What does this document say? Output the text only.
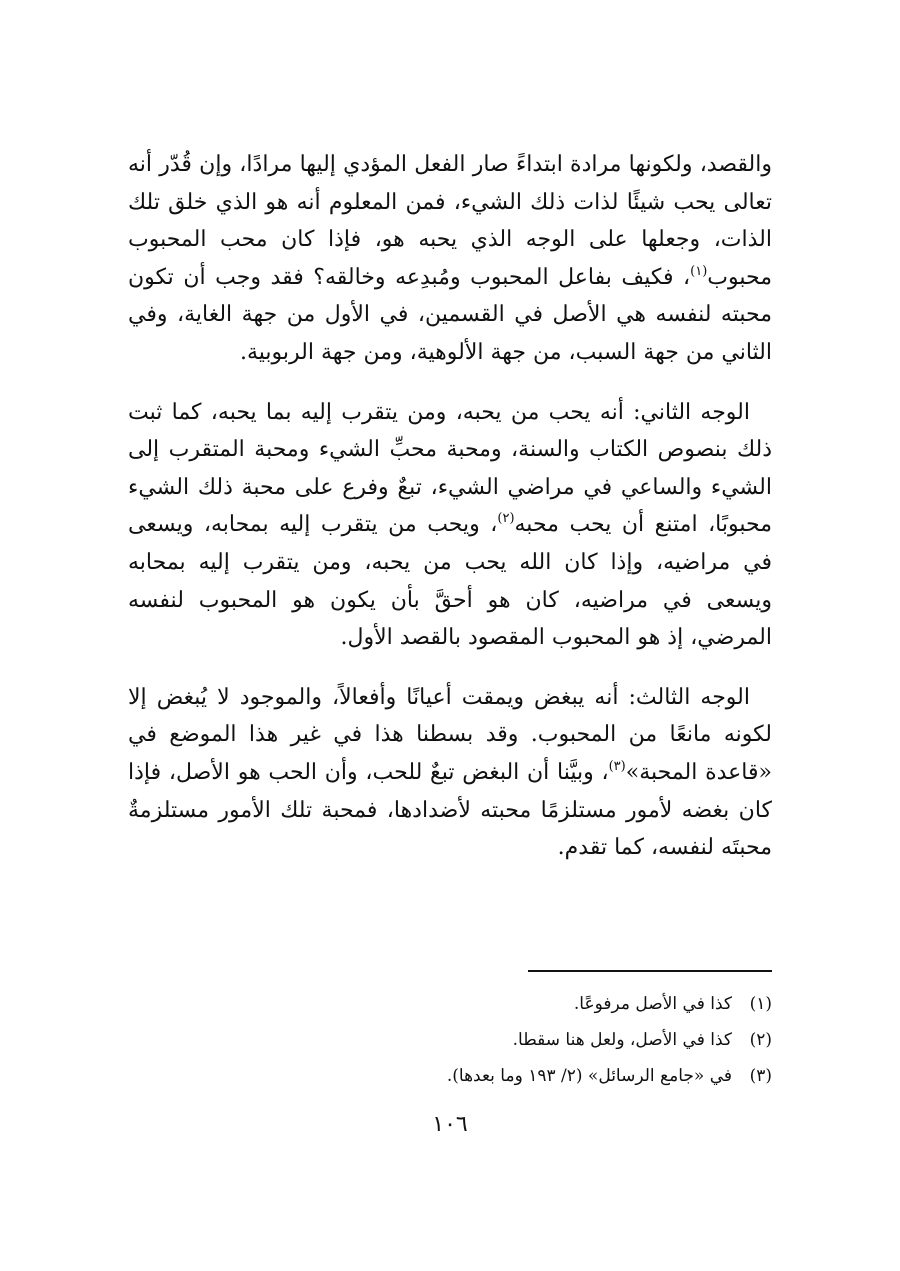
والقصد، ولكونها مرادة ابتداءً صار الفعل المؤدي إليها مرادًا، وإن قُدّر أنه تعالى يحب شيئًا لذات ذلك الشيء، فمن المعلوم أنه هو الذي خلق تلك الذات، وجعلها على الوجه الذي يحبه هو، فإذا كان محب المحبوب محبوب$^{(١)}$، فكيف بفاعل المحبوب ومُبدِعه وخالقه؟ فقد وجب أن تكون محبته لنفسه هي الأصل في القسمين، في الأول من جهة الغاية، وفي الثاني من جهة السبب، من جهة الألوهية، ومن جهة الربوبية.

الوجه الثاني: أنه يحب من يحبه، ومن يتقرب إليه بما يحبه، كما ثبت ذلك بنصوص الكتاب والسنة، ومحبة محبِّ الشيء ومحبة المتقرب إلى الشيء والساعي في مراضي الشيء، تبعٌ وفرع على محبة ذلك الشيء محبوبًا، امتنع أن يحب محبه$^{(٢)}$، ويحب من يتقرب إليه بمحابه، ويسعى في مراضيه، وإذا كان الله يحب من يحبه، ومن يتقرب إليه بمحابه ويسعى في مراضيه، كان هو أحقَّ بأن يكون هو المحبوب لنفسه المرضي، إذ هو المحبوب المقصود بالقصد الأول.

الوجه الثالث: أنه يبغض ويمقت أعيانًا وأفعالاً، والموجود لا يُبغض إلا لكونه مانعًا من المحبوب. وقد بسطنا هذا في غير هذا الموضع في «قاعدة المحبة»$^{(٣)}$، وبيَّنا أن البغض تبعٌ للحب، وأن الحب هو الأصل، فإذا كان بغضه لأمور مستلزمًا محبته لأضدادها، فمحبة تلك الأمور مستلزمةٌ محبتَه لنفسه، كما تقدم.

(١)
كذا في الأصل مرفوعًا.
(٢)
كذا في الأصل، ولعل هنا سقطا.
(٣)
في «جامع الرسائل» (٢/ ١٩٣ وما بعدها).
١٠٦
